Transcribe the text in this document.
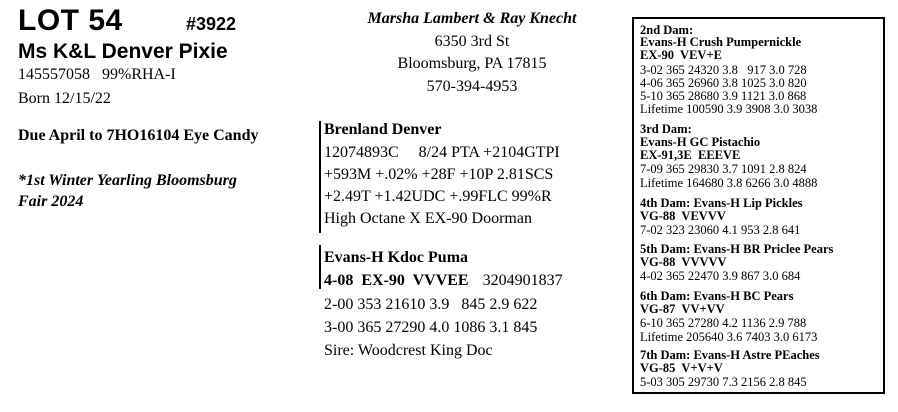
LOT 54	#3922
Ms K&L Denver Pixie
145557058   99%RHA-I
Born 12/15/22
Due April to 7HO16104 Eye Candy
*1st Winter Yearling Bloomsburg
Fair 2024
Marsha Lambert & Ray Knecht
6350 3rd St
Bloomsburg, PA 17815
570-394-4953
Brenland Denver
12074893C     8/24 PTA +2104GTPI
+593M +.02% +28F +10P 2.81SCS
+2.49T +1.42UDC +.99FLC 99%R
High Octane X EX-90 Doorman
Evans-H Kdoc Puma
4-08  EX-90  VVVEE 3204901837
2-00 353 21610 3.9   845 2.9 622
3-00 365 27290 4.0 1086 3.1 845
Sire: Woodcrest King Doc
2nd Dam:
Evans-H Crush Pumpernickle
EX-90  VEV+E
3-02 365 24320 3.8   917 3.0 728
4-06 365 26960 3.8 1025 3.0 820
5-10 365 28680 3.9 1121 3.0 868
Lifetime 100590 3.9 3908 3.0 3038
3rd Dam:
Evans-H GC Pistachio
EX-91,3E  EEEVE
7-09 365 29830 3.7 1091 2.8 824
Lifetime 164680 3.8 6266 3.0 4888
4th Dam: Evans-H Lip Pickles
VG-88  VEVVV
7-02 323 23060 4.1 953 2.8 641
5th Dam: Evans-H BR Priclee Pears
VG-88  VVVVV
4-02 365 22470 3.9 867 3.0 684
6th Dam: Evans-H BC Pears
VG-87  VV+VV
6-10 365 27280 4.2 1136 2.9 788
Lifetime 205640 3.6 7403 3.0 6173
7th Dam: Evans-H Astre PEaches
VG-85  V+V+V
5-03 305 29730 7.3 2156 2.8 845
